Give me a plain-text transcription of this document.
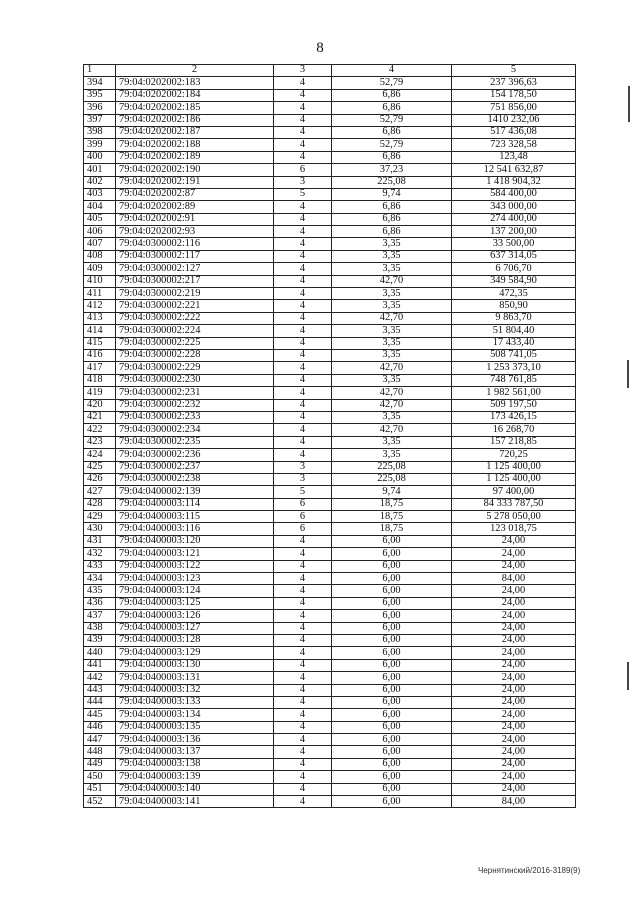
8
1	2	3	4	5
394	79:04:0202002:183	4	52,79	237 396,63
395	79:04:0202002:184	4	6,86	154 178,50
396	79:04:0202002:185	4	6,86	751 856,00
397	79:04:0202002:186	4	52,79	1410 232,06
398	79:04:0202002:187	4	6,86	517 436,08
399	79:04:0202002:188	4	52,79	723 328,58
400	79:04:0202002:189	4	6,86	123,48
401	79:04:0202002:190	6	37,23	12 541 632,87
402	79:04:0202002:191	3	225,08	1 418 904,32
403	79:04:0202002:87	5	9,74	584 400,00
404	79:04:0202002:89	4	6,86	343 000,00
405	79:04:0202002:91	4	6,86	274 400,00
406	79:04:0202002:93	4	6,86	137 200,00
407	79:04:0300002:116	4	3,35	33 500,00
408	79:04:0300002:117	4	3,35	637 314,05
409	79:04:0300002:127	4	3,35	6 706,70
410	79:04:0300002:217	4	42,70	349 584,90
411	79:04:0300002:219	4	3,35	472,35
412	79:04:0300002:221	4	3,35	850,90
413	79:04:0300002:222	4	42,70	9 863,70
414	79:04:0300002:224	4	3,35	51 804,40
415	79:04:0300002:225	4	3,35	17 433,40
416	79:04:0300002:228	4	3,35	508 741,05
417	79:04:0300002:229	4	42,70	1 253 373,10
418	79:04:0300002:230	4	3,35	748 761,85
419	79:04:0300002:231	4	42,70	1 982 561,00
420	79:04:0300002:232	4	42,70	509 197,50
421	79:04:0300002:233	4	3,35	173 426,15
422	79:04:0300002:234	4	42,70	16 268,70
423	79:04:0300002:235	4	3,35	157 218,85
424	79:04:0300002:236	4	3,35	720,25
425	79:04:0300002:237	3	225,08	1 125 400,00
426	79:04:0300002:238	3	225,08	1 125 400,00
427	79:04:0400002:139	5	9,74	97 400,00
428	79:04:0400003:114	6	18,75	84 333 787,50
429	79:04:0400003:115	6	18,75	5 278 050,00
430	79:04:0400003:116	6	18,75	123 018,75
431	79:04:0400003:120	4	6,00	24,00
432	79:04:0400003:121	4	6,00	24,00
433	79:04:0400003:122	4	6,00	24,00
434	79:04:0400003:123	4	6,00	84,00
435	79:04:0400003:124	4	6,00	24,00
436	79:04:0400003:125	4	6,00	24,00
437	79:04:0400003:126	4	6,00	24,00
438	79:04:0400003:127	4	6,00	24,00
439	79:04:0400003:128	4	6,00	24,00
440	79:04:0400003:129	4	6,00	24,00
441	79:04:0400003:130	4	6,00	24,00
442	79:04:0400003:131	4	6,00	24,00
443	79:04:0400003:132	4	6,00	24,00
444	79:04:0400003:133	4	6,00	24,00
445	79:04:0400003:134	4	6,00	24,00
446	79:04:0400003:135	4	6,00	24,00
447	79:04:0400003:136	4	6,00	24,00
448	79:04:0400003:137	4	6,00	24,00
449	79:04:0400003:138	4	6,00	24,00
450	79:04:0400003:139	4	6,00	24,00
451	79:04:0400003:140	4	6,00	24,00
452	79:04:0400003:141	4	6,00	84,00
Чернятинский/2016-3189(9)
